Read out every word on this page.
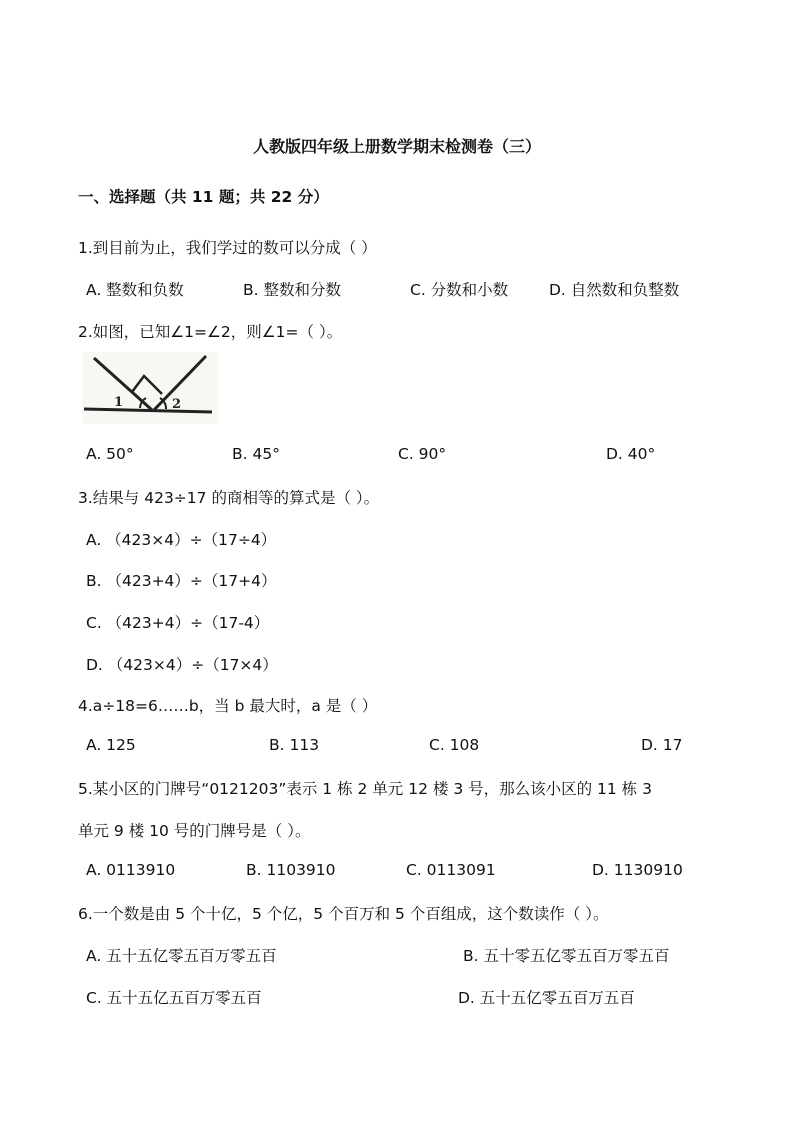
人教版四年级上册数学期末检测卷（三）
一、选择题（共 11 题；共 22 分）
1.到目前为止，我们学过的数可以分成（ ）
A. 整数和负数	B. 整数和分数	C. 分数和小数	D. 自然数和负整数
2.如图，已知∠1=∠2，则∠1=（ ）。
1	2
A. 50°	B. 45°	C. 90°	D. 40°
3.结果与 423÷17 的商相等的算式是（ ）。
A. （423×4）÷（17÷4）
B. （423+4）÷（17+4）
C. （423+4）÷（17-4）
D. （423×4）÷（17×4）
4.a÷18=6……b，当 b 最大时，a 是（ ）
A. 125	B. 113	C. 108	D. 17
5.某小区的门牌号“0121203”表示 1 栋 2 单元 12 楼 3 号，那么该小区的 11 栋 3
单元 9 楼 10 号的门牌号是（ ）。
A. 0113910	B. 1103910	C. 0113091	D. 1130910
6.一个数是由 5 个十亿，5 个亿，5 个百万和 5 个百组成，这个数读作（ ）。
A. 五十五亿零五百万零五百	B. 五十零五亿零五百万零五百
C. 五十五亿五百万零五百	D. 五十五亿零五百万五百
